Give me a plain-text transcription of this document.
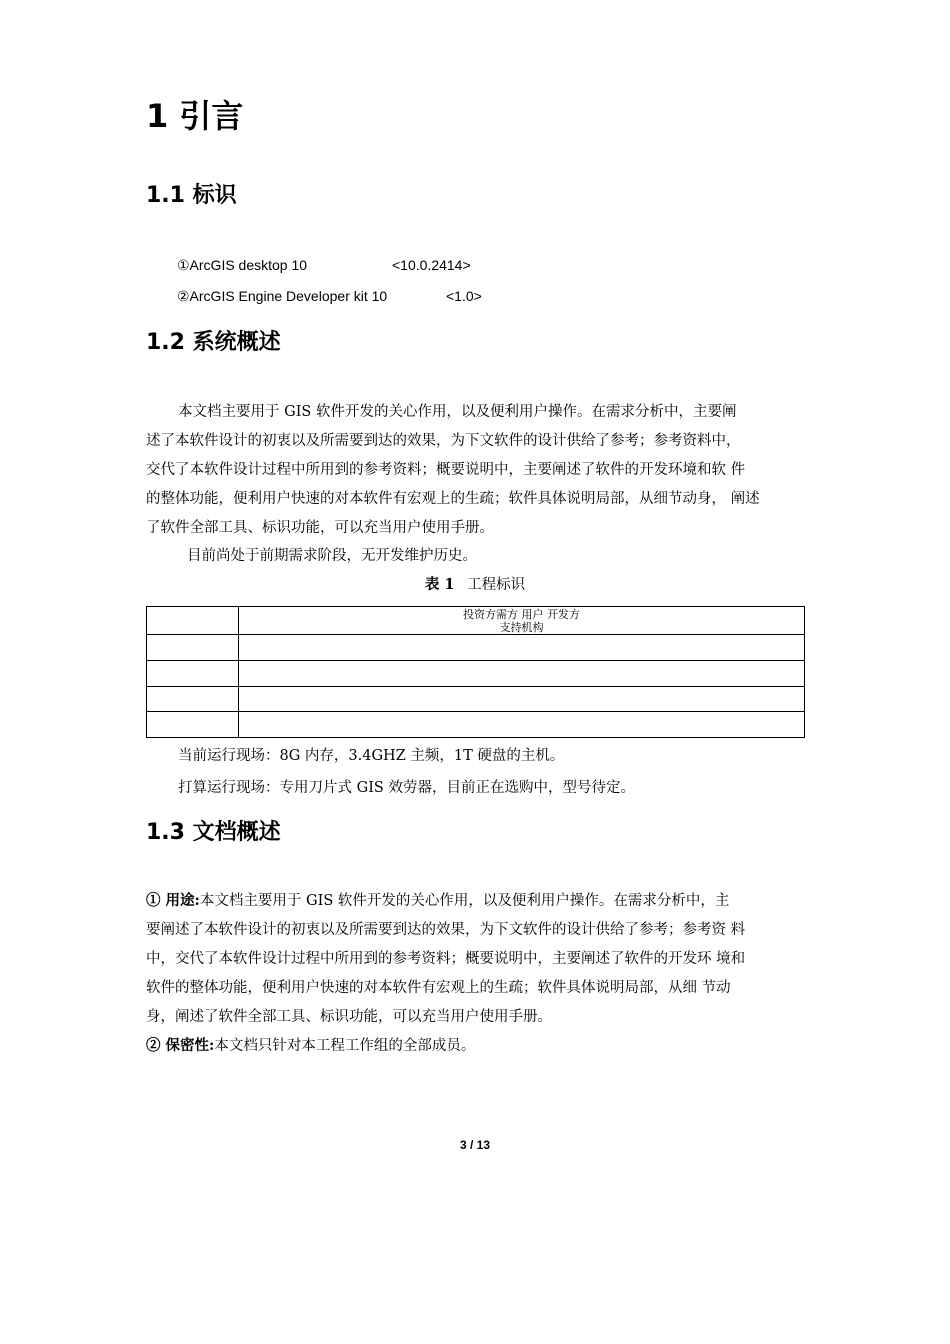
1 引言
1.1 标识
①ArcGIS desktop 10	<10.0.2414>
②ArcGIS Engine Developer kit 10	<1.0>
1.2 系统概述
本文档主要用于 GIS 软件开发的关心作用，以及便利用户操作。在需求分析中，主要阐
述了本软件设计的初衷以及所需要到达的效果，为下文软件的设计供给了参考；参考资料中，
交代了本软件设计过程中所用到的参考资料；概要说明中，主要阐述了软件的开发环境和软 件
的整体功能，便利用户快速的对本软件有宏观上的生疏；软件具体说明局部，从细节动身， 阐述
了软件全部工具、标识功能，可以充当用户使用手册。
目前尚处于前期需求阶段，无开发维护历史。
表 1 工程标识

	投资方需方 用户 开发方
支持机构

当前运行现场：8G 内存，3.4GHZ 主频，1T 硬盘的主机。
打算运行现场：专用刀片式 GIS 效劳器，目前正在选购中，型号待定。
1.3 文档概述
① 用途:本文档主要用于 GIS 软件开发的关心作用，以及便利用户操作。在需求分析中，主
要阐述了本软件设计的初衷以及所需要到达的效果，为下文软件的设计供给了参考；参考资 料
中，交代了本软件设计过程中所用到的参考资料；概要说明中，主要阐述了软件的开发环 境和
软件的整体功能，便利用户快速的对本软件有宏观上的生疏；软件具体说明局部，从细 节动
身，阐述了软件全部工具、标识功能，可以充当用户使用手册。
② 保密性:本文档只针对本工程工作组的全部成员。
3 / 13
